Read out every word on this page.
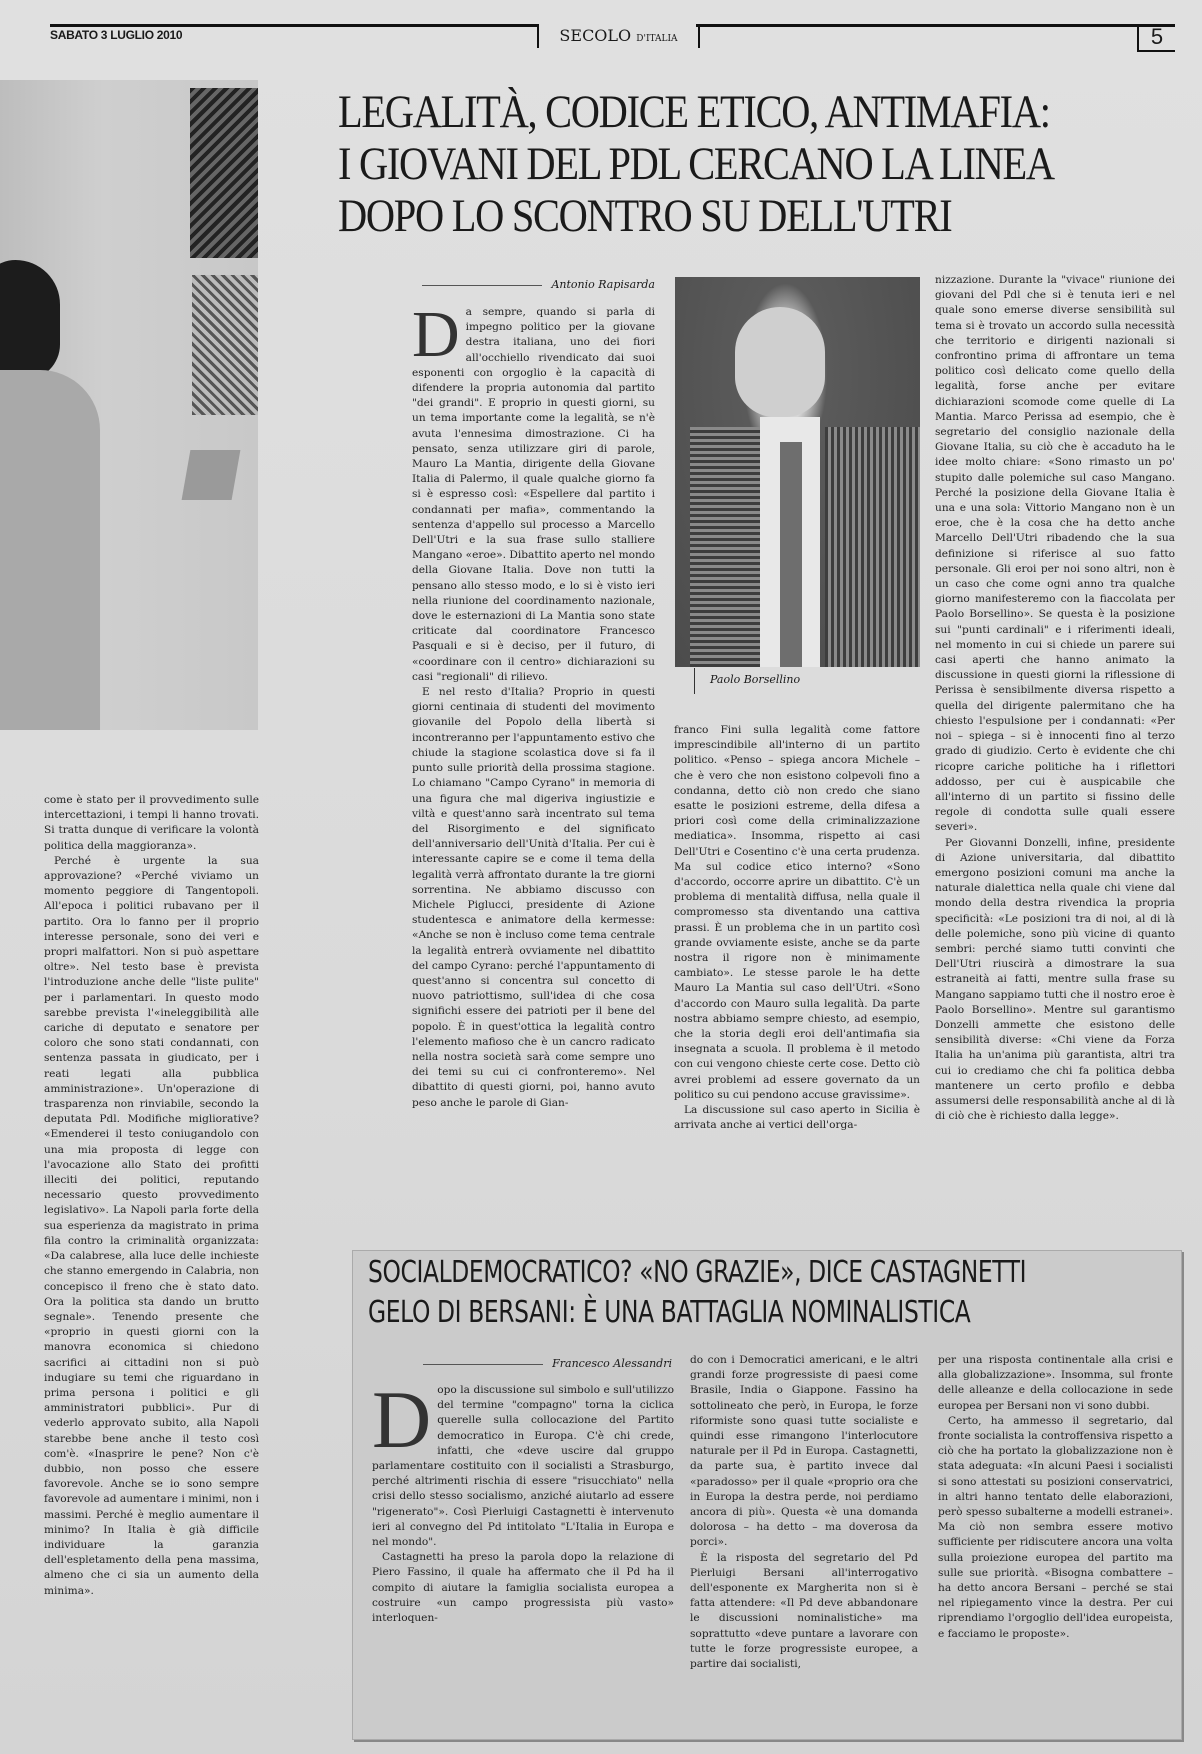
SABATO 3 LUGLIO 2010	SECOLO D'ITALIA	5
LEGALITÀ, CODICE ETICO, ANTIMAFIA:
I GIOVANI DEL PDL CERCANO LA LINEA
DOPO LO SCONTRO SU DELL'UTRI
Antonio Rapisarda

Da sempre, quando si parla di impegno politico per la giovane destra italiana, uno dei fiori all'occhiello rivendicato dai suoi esponenti con orgoglio è la capacità di difendere la propria autonomia dal partito "dei grandi". E proprio in questi giorni, su un tema importante come la legalità, se n'è avuta l'ennesima dimostrazione. Ci ha pensato, senza utilizzare giri di parole, Mauro La Mantia, dirigente della Giovane Italia di Palermo, il quale qualche giorno fa si è espresso così: «Espellere dal partito i condannati per mafia», commentando la sentenza d'appello sul processo a Marcello Dell'Utri e la sua frase sullo stalliere Mangano «eroe». Dibattito aperto nel mondo della Giovane Italia. Dove non tutti la pensano allo stesso modo, e lo si è visto ieri nella riunione del coordinamento nazionale, dove le esternazioni di La Mantia sono state criticate dal coordinatore Francesco Pasquali e si è deciso, per il futuro, di «coordinare con il centro» dichiarazioni su casi "regionali" di rilievo.

E nel resto d'Italia? Proprio in questi giorni centinaia di studenti del movimento giovanile del Popolo della libertà si incontreranno per l'appuntamento estivo che chiude la stagione scolastica dove si fa il punto sulle priorità della prossima stagione. Lo chiamano "Campo Cyrano" in memoria di una figura che mal digeriva ingiustizie e viltà e quest'anno sarà incentrato sul tema del Risorgimento e del significato dell'anniversario dell'Unità d'Italia. Per cui è interessante capire se e come il tema della legalità verrà affrontato durante la tre giorni sorrentina. Ne abbiamo discusso con Michele Piglucci, presidente di Azione studentesca e animatore della kermesse: «Anche se non è incluso come tema centrale la legalità entrerà ovviamente nel dibattito del campo Cyrano: perché l'appuntamento di quest'anno si concentra sul concetto di nuovo patriottismo, sull'idea di che cosa significhi essere dei patrioti per il bene del popolo. È in quest'ottica la legalità contro l'elemento mafioso che è un cancro radicato nella nostra società sarà come sempre uno dei temi su cui ci confronteremo». Nel dibattito di questi giorni, poi, hanno avuto peso anche le parole di Gian-

Paolo Borsellino

franco Fini sulla legalità come fattore imprescindibile all'interno di un partito politico. «Penso – spiega ancora Michele – che è vero che non esistono colpevoli fino a condanna, detto ciò non credo che siano esatte le posizioni estreme, della difesa a priori così come della criminalizzazione mediatica». Insomma, rispetto ai casi Dell'Utri e Cosentino c'è una certa prudenza. Ma sul codice etico interno? «Sono d'accordo, occorre aprire un dibattito. C'è un problema di mentalità diffusa, nella quale il compromesso sta diventando una cattiva prassi. È un problema che in un partito così grande ovviamente esiste, anche se da parte nostra il rigore non è minimamente cambiato». Le stesse parole le ha dette Mauro La Mantia sul caso dell'Utri. «Sono d'accordo con Mauro sulla legalità. Da parte nostra abbiamo sempre chiesto, ad esempio, che la storia degli eroi dell'antimafia sia insegnata a scuola. Il problema è il metodo con cui vengono chieste certe cose. Detto ciò avrei problemi ad essere governato da un politico su cui pendono accuse gravissime».

La discussione sul caso aperto in Sicilia è arrivata anche ai vertici dell'orga-

nizzazione. Durante la "vivace" riunione dei giovani del Pdl che si è tenuta ieri e nel quale sono emerse diverse sensibilità sul tema si è trovato un accordo sulla necessità che territorio e dirigenti nazionali si confrontino prima di affrontare un tema politico così delicato come quello della legalità, forse anche per evitare dichiarazioni scomode come quelle di La Mantia. Marco Perissa ad esempio, che è segretario del consiglio nazionale della Giovane Italia, su ciò che è accaduto ha le idee molto chiare: «Sono rimasto un po' stupito dalle polemiche sul caso Mangano. Perché la posizione della Giovane Italia è una e una sola: Vittorio Mangano non è un eroe, che è la cosa che ha detto anche Marcello Dell'Utri ribadendo che la sua definizione si riferisce al suo fatto personale. Gli eroi per noi sono altri, non è un caso che come ogni anno tra qualche giorno manifesteremo con la fiaccolata per Paolo Borsellino». Se questa è la posizione sui "punti cardinali" e i riferimenti ideali, nel momento in cui si chiede un parere sui casi aperti che hanno animato la discussione in questi giorni la riflessione di Perissa è sensibilmente diversa rispetto a quella del dirigente palermitano che ha chiesto l'espulsione per i condannati: «Per noi – spiega – si è innocenti fino al terzo grado di giudizio. Certo è evidente che chi ricopre cariche politiche ha i riflettori addosso, per cui è auspicabile che all'interno di un partito si fissino delle regole di condotta sulle quali essere severi».

Per Giovanni Donzelli, infine, presidente di Azione universitaria, dal dibattito emergono posizioni comuni ma anche la naturale dialettica nella quale chi viene dal mondo della destra rivendica la propria specificità: «Le posizioni tra di noi, al di là delle polemiche, sono più vicine di quanto sembri: perché siamo tutti convinti che Dell'Utri riuscirà a dimostrare la sua estraneità ai fatti, mentre sulla frase su Mangano sappiamo tutti che il nostro eroe è Paolo Borsellino». Mentre sul garantismo Donzelli ammette che esistono delle sensibilità diverse: «Chi viene da Forza Italia ha un'anima più garantista, altri tra cui io crediamo che chi fa politica debba mantenere un certo profilo e debba assumersi delle responsabilità anche al di là di ciò che è richiesto dalla legge».

come è stato per il provvedimento sulle intercettazioni, i tempi li hanno trovati. Si tratta dunque di verificare la volontà politica della maggioranza».

Perché è urgente la sua approvazione? «Perché viviamo un momento peggiore di Tangentopoli. All'epoca i politici rubavano per il partito. Ora lo fanno per il proprio interesse personale, sono dei veri e propri malfattori. Non si può aspettare oltre». Nel testo base è prevista l'introduzione anche delle "liste pulite" per i parlamentari. In questo modo sarebbe prevista l'«ineleggibilità alle cariche di deputato e senatore per coloro che sono stati condannati, con sentenza passata in giudicato, per i reati legati alla pubblica amministrazione». Un'operazione di trasparenza non rinviabile, secondo la deputata Pdl. Modifiche migliorative? «Emenderei il testo coniugandolo con una mia proposta di legge con l'avocazione allo Stato dei profitti illeciti dei politici, reputando necessario questo provvedimento legislativo». La Napoli parla forte della sua esperienza da magistrato in prima fila contro la criminalità organizzata: «Da calabrese, alla luce delle inchieste che stanno emergendo in Calabria, non concepisco il freno che è stato dato. Ora la politica sta dando un brutto segnale». Tenendo presente che «proprio in questi giorni con la manovra economica si chiedono sacrifici ai cittadini non si può indugiare su temi che riguardano in prima persona i politici e gli amministratori pubblici». Pur di vederlo approvato subito, alla Napoli starebbe bene anche il testo così com'è. «Inasprire le pene? Non c'è dubbio, non posso che essere favorevole. Anche se io sono sempre favorevole ad aumentare i minimi, non i massimi. Perché è meglio aumentare il minimo? In Italia è già difficile individuare la garanzia dell'espletamento della pena massima, almeno che ci sia un aumento della minima».

SOCIALDEMOCRATICO? «NO GRAZIE», DICE CASTAGNETTI
GELO DI BERSANI: È UNA BATTAGLIA NOMINALISTICA
Francesco Alessandri

Dopo la discussione sul simbolo e sull'utilizzo del termine "compagno" torna la ciclica querelle sulla collocazione del Partito democratico in Europa. C'è chi crede, infatti, che «deve uscire dal gruppo parlamentare costituito con il socialisti a Strasburgo, perché altrimenti rischia di essere "risucchiato" nella crisi dello stesso socialismo, anziché aiutarlo ad essere "rigenerato"». Così Pierluigi Castagnetti è intervenuto ieri al convegno del Pd intitolato "L'Italia in Europa e nel mondo".

Castagnetti ha preso la parola dopo la relazione di Piero Fassino, il quale ha affermato che il Pd ha il compito di aiutare la famiglia socialista europea a costruire «un campo progressista più vasto» interloquen-

do con i Democratici americani, e le altri grandi forze progressiste di paesi come Brasile, India o Giappone. Fassino ha sottolineato che però, in Europa, le forze riformiste sono quasi tutte socialiste e quindi esse rimangono l'interlocutore naturale per il Pd in Europa. Castagnetti, da parte sua, è partito invece dal «paradosso» per il quale «proprio ora che in Europa la destra perde, noi perdiamo ancora di più». Questa «è una domanda dolorosa – ha detto – ma doverosa da porci».

È la risposta del segretario del Pd Pierluigi Bersani all'interrogativo dell'esponente ex Margherita non si è fatta attendere: «Il Pd deve abbandonare le discussioni nominalistiche» ma soprattutto «deve puntare a lavorare con tutte le forze progressiste europee, a partire dai socialisti,

per una risposta continentale alla crisi e alla globalizzazione». Insomma, sul fronte delle alleanze e della collocazione in sede europea per Bersani non vi sono dubbi.

Certo, ha ammesso il segretario, dal fronte socialista la controffensiva rispetto a ciò che ha portato la globalizzazione non è stata adeguata: «In alcuni Paesi i socialisti si sono attestati su posizioni conservatrici, in altri hanno tentato delle elaborazioni, però spesso subalterne a modelli estranei». Ma ciò non sembra essere motivo sufficiente per ridiscutere ancora una volta sulla proiezione europea del partito ma sulle sue priorità. «Bisogna combattere – ha detto ancora Bersani – perché se stai nel ripiegamento vince la destra. Per cui riprendiamo l'orgoglio dell'idea europeista, e facciamo le proposte».
